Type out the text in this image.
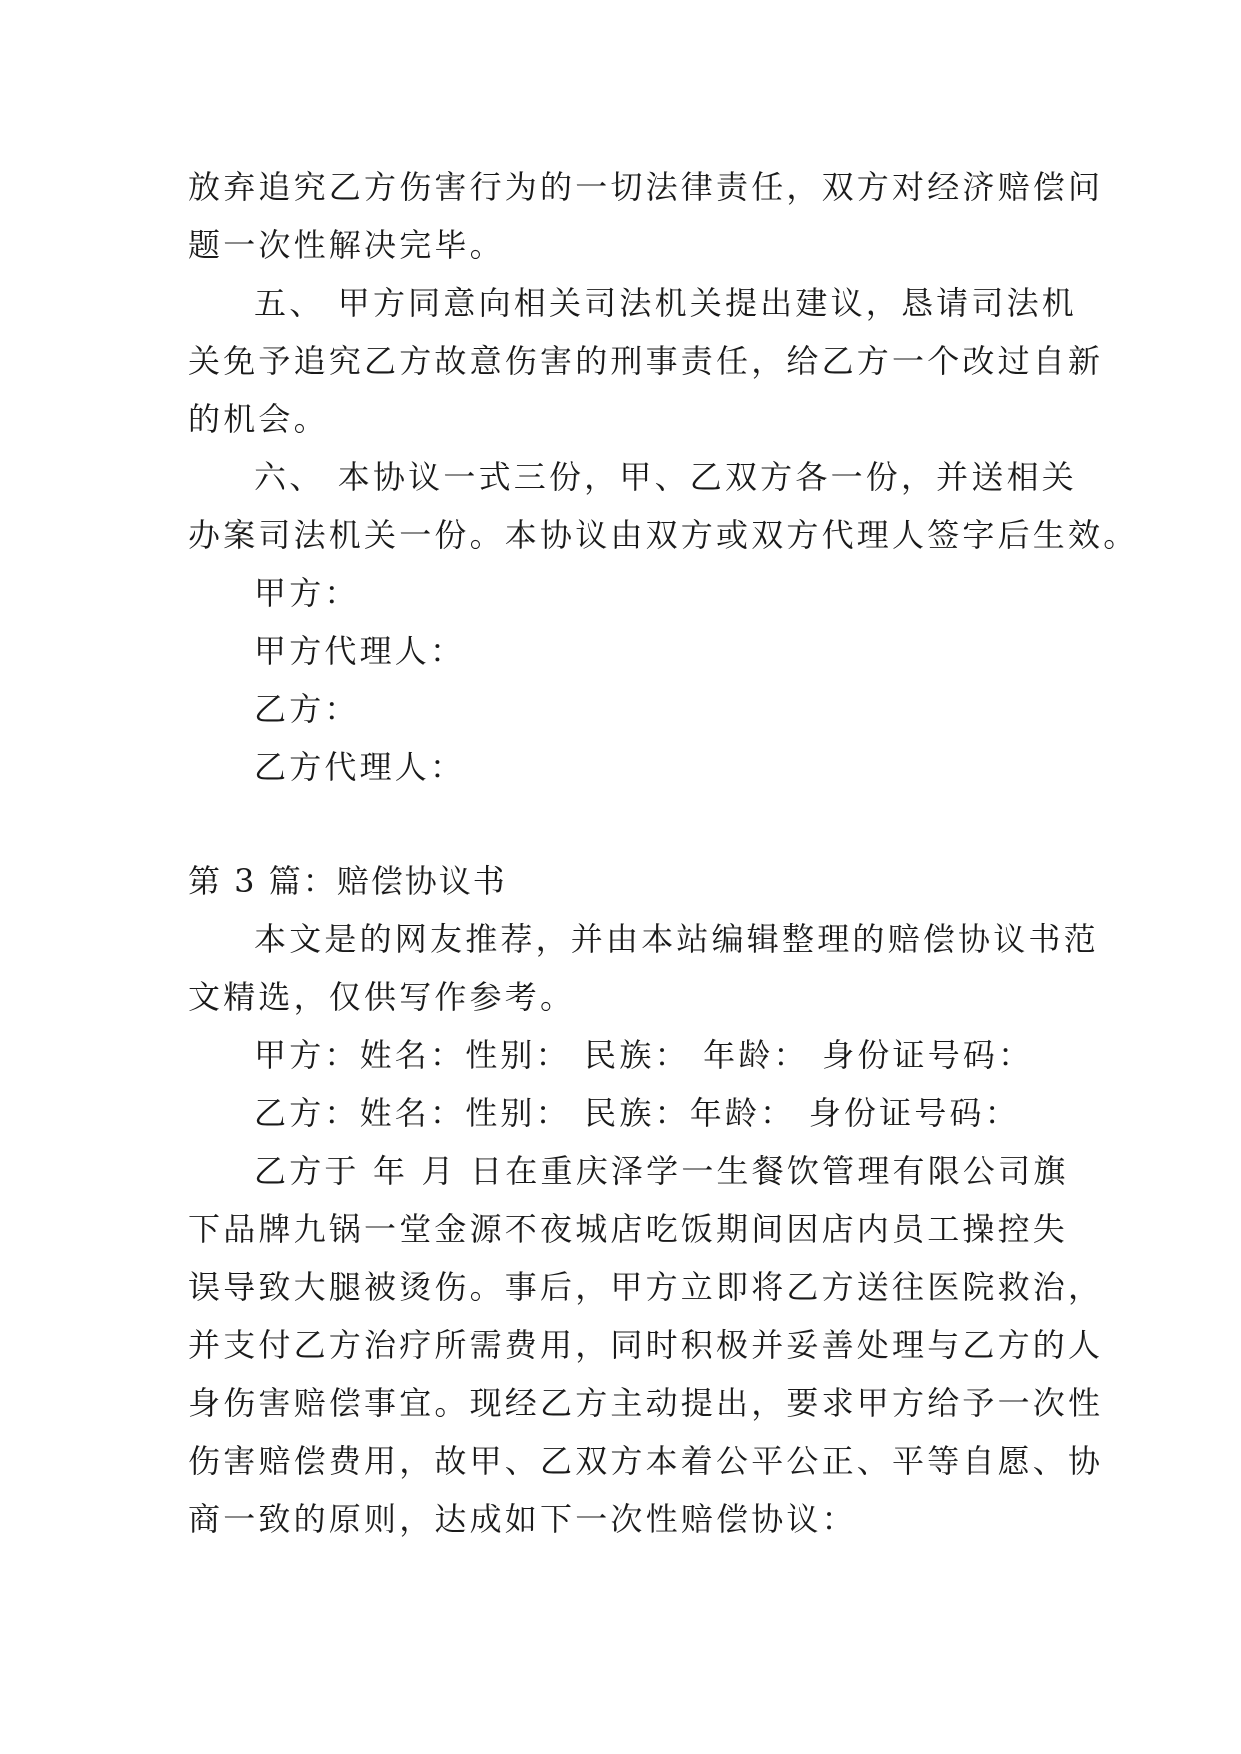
放弃追究乙方伤害行为的一切法律责任，双方对经济赔偿问
题一次性解决完毕。
五、 甲方同意向相关司法机关提出建议，恳请司法机
关免予追究乙方故意伤害的刑事责任，给乙方一个改过自新
的机会。
六、 本协议一式三份，甲、乙双方各一份，并送相关
办案司法机关一份。本协议由双方或双方代理人签字后生效。
甲方：
甲方代理人：
乙方：
乙方代理人：
第 3 篇：赔偿协议书
本文是的网友推荐，并由本站编辑整理的赔偿协议书范
文精选，仅供写作参考。
甲方：姓名：性别： 民族： 年龄： 身份证号码：
乙方：姓名：性别： 民族：年龄： 身份证号码：
乙方于 年 月 日在重庆泽学一生餐饮管理有限公司旗
下品牌九锅一堂金源不夜城店吃饭期间因店内员工操控失
误导致大腿被烫伤。事后，甲方立即将乙方送往医院救治，
并支付乙方治疗所需费用，同时积极并妥善处理与乙方的人
身伤害赔偿事宜。现经乙方主动提出，要求甲方给予一次性
伤害赔偿费用，故甲、乙双方本着公平公正、平等自愿、协
商一致的原则，达成如下一次性赔偿协议：
